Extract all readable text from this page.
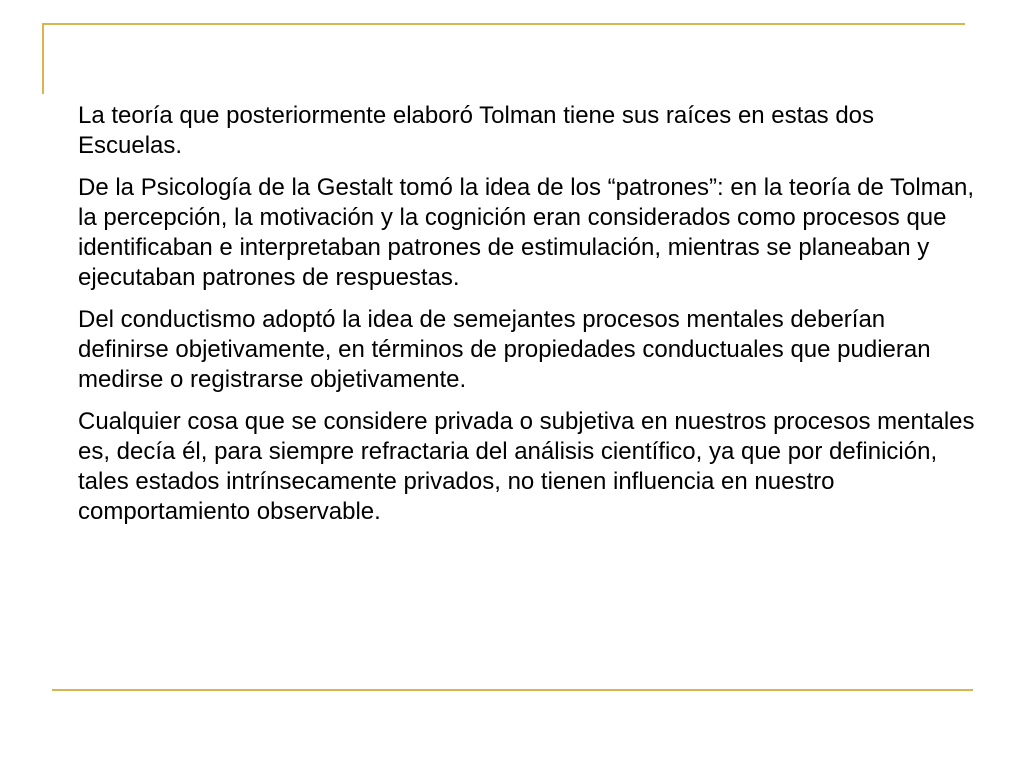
La teoría que posteriormente elaboró Tolman tiene sus raíces en estas dos Escuelas.

De la Psicología de la Gestalt tomó la idea de los “patrones”: en la teoría de Tolman, la percepción, la motivación y la cognición eran considerados como procesos que identificaban e interpretaban patrones de estimulación, mientras se planeaban y ejecutaban patrones de respuestas.

Del conductismo adoptó la idea de semejantes procesos mentales deberían definirse objetivamente, en términos de propiedades conductuales que pudieran medirse o registrarse objetivamente.

Cualquier cosa que se considere privada o subjetiva en nuestros procesos mentales es, decía él, para siempre refractaria del análisis científico, ya que por definición, tales estados intrínsecamente privados, no tienen influencia en nuestro comportamiento observable.
